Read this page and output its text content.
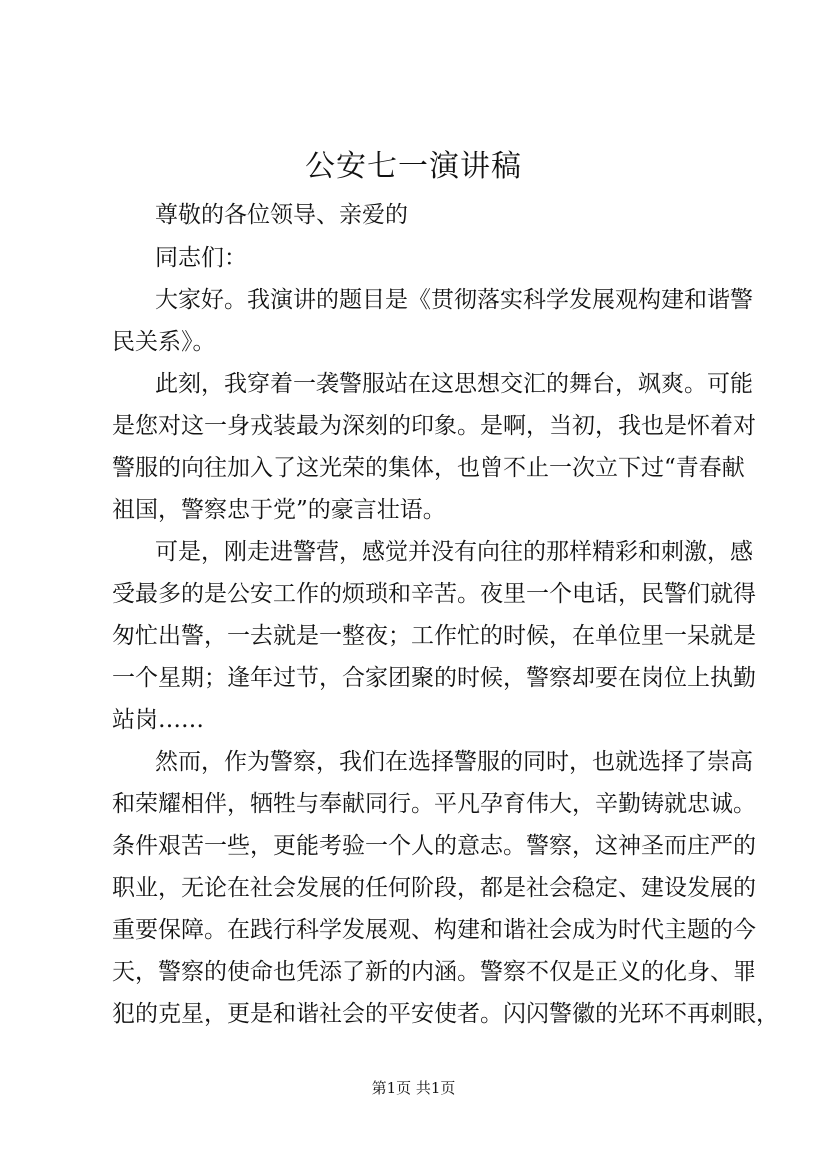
公安七一演讲稿
尊敬的各位领导、亲爱的
同志们：
大家好。我演讲的题目是《贯彻落实科学发展观构建和谐警
民关系》。
此刻，我穿着一袭警服站在这思想交汇的舞台，飒爽。可能
是您对这一身戎装最为深刻的印象。是啊，当初，我也是怀着对
警服的向往加入了这光荣的集体，也曾不止一次立下过“青春献
祖国，警察忠于党”的豪言壮语。
可是，刚走进警营，感觉并没有向往的那样精彩和刺激，感
受最多的是公安工作的烦琐和辛苦。夜里一个电话，民警们就得
匆忙出警，一去就是一整夜；工作忙的时候，在单位里一呆就是
一个星期；逢年过节，合家团聚的时候，警察却要在岗位上执勤
站岗……
然而，作为警察，我们在选择警服的同时，也就选择了崇高
和荣耀相伴，牺牲与奉献同行。平凡孕育伟大，辛勤铸就忠诚。
条件艰苦一些，更能考验一个人的意志。警察，这神圣而庄严的
职业，无论在社会发展的任何阶段，都是社会稳定、建设发展的
重要保障。在践行科学发展观、构建和谐社会成为时代主题的今
天，警察的使命也凭添了新的内涵。警察不仅是正义的化身、罪
犯的克星，更是和谐社会的平安使者。闪闪警徽的光环不再刺眼，
第1页 共1页
